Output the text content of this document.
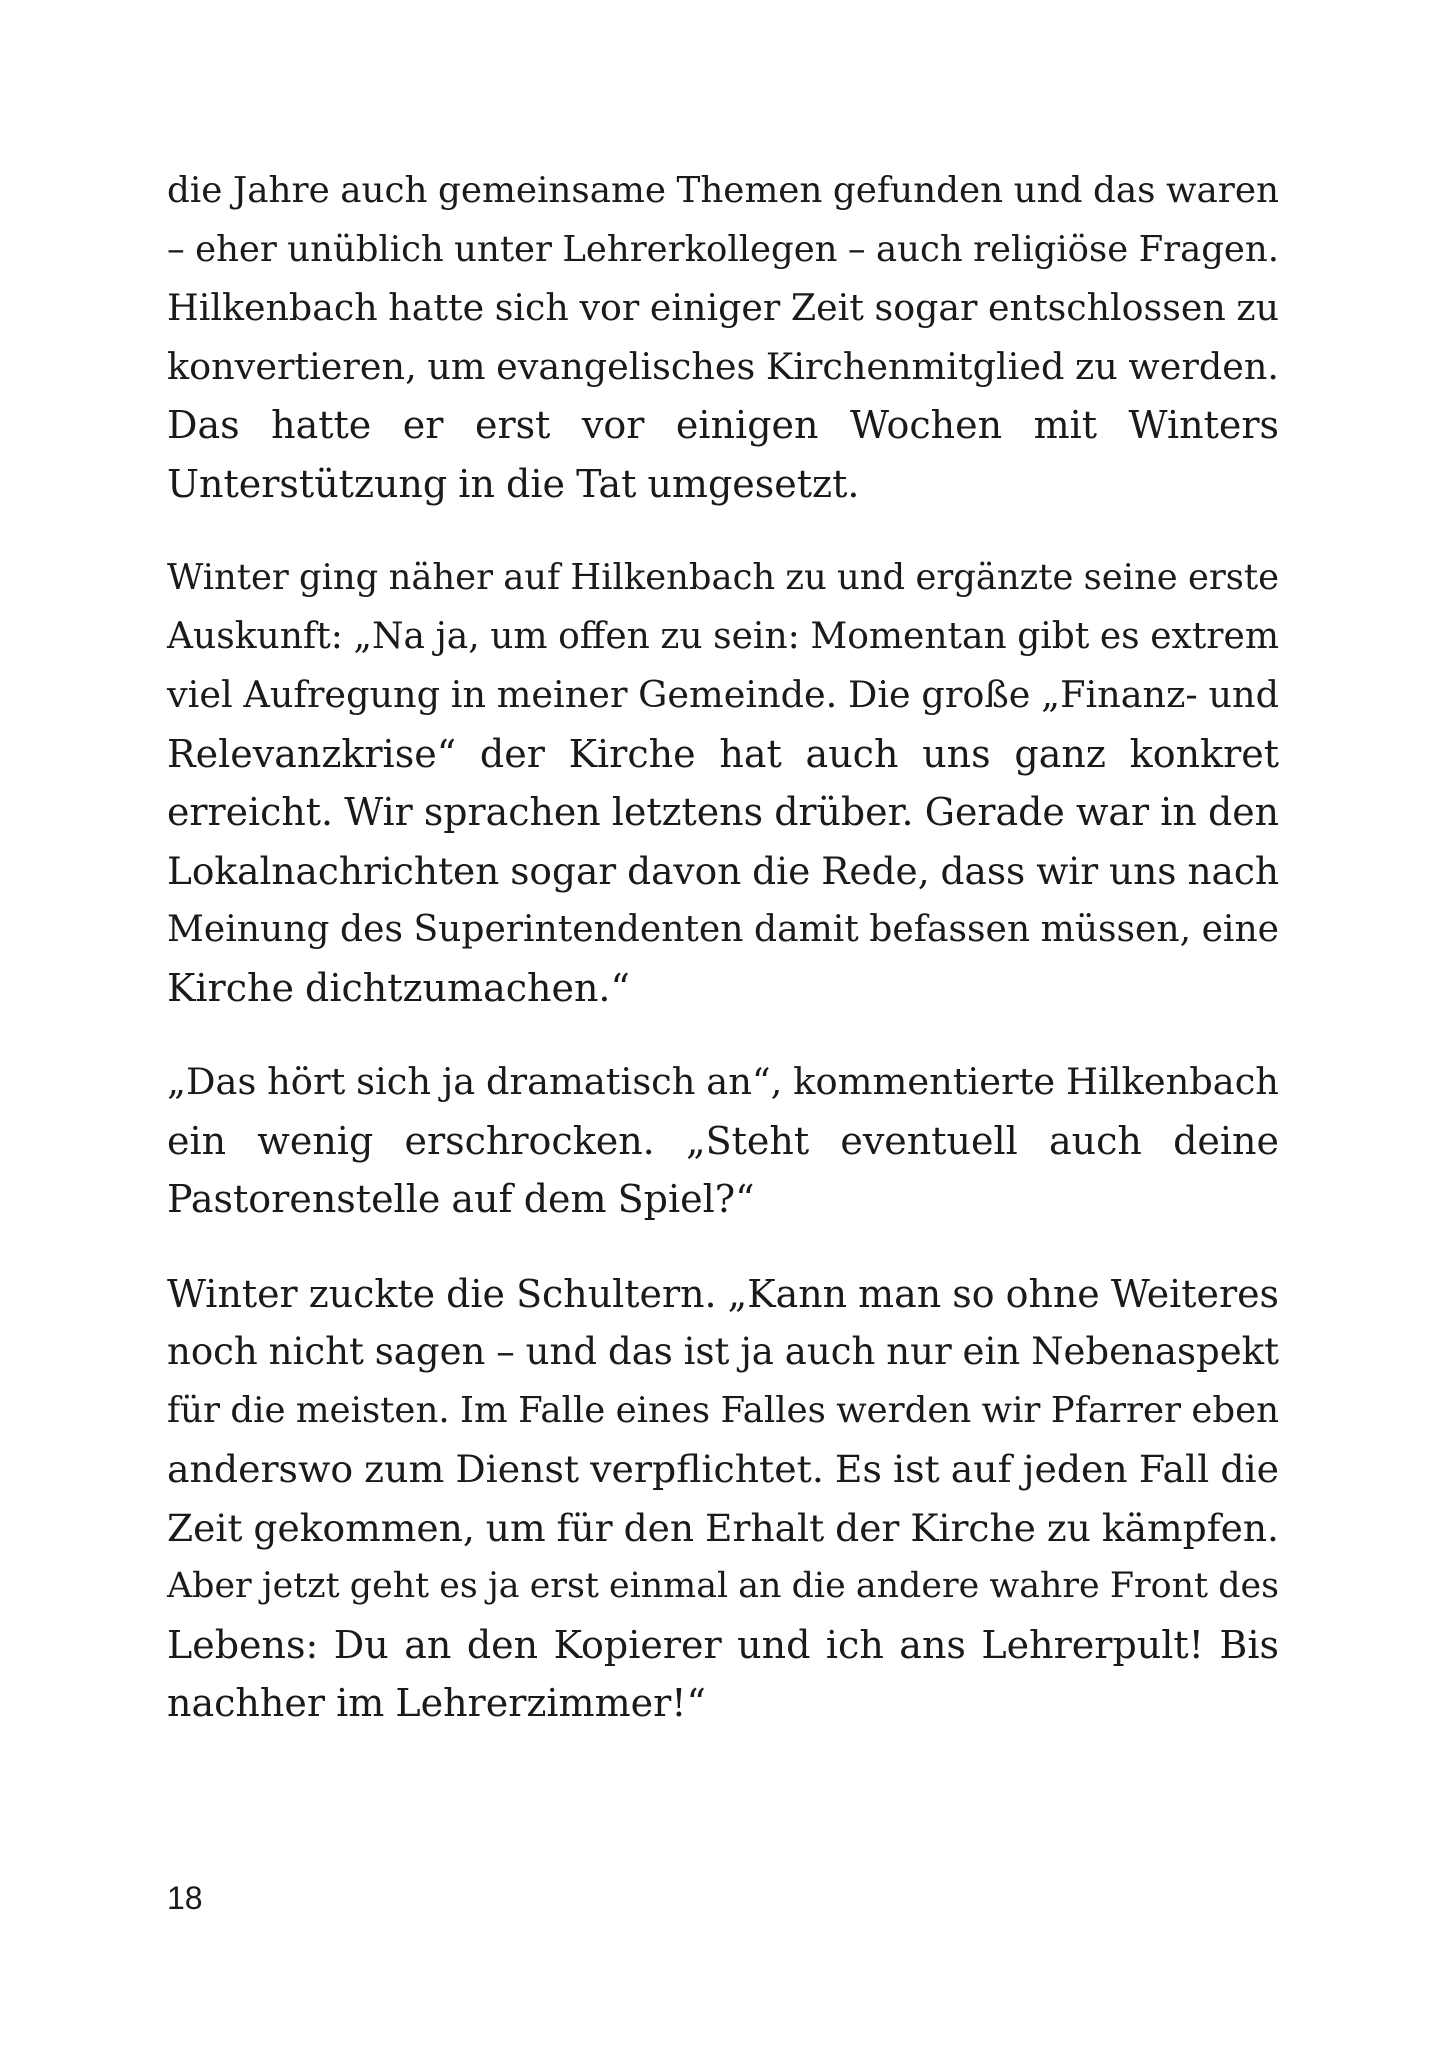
die Jahre auch gemeinsame Themen gefunden und das waren
– eher unüblich unter Lehrerkollegen – auch religiöse Fragen.
Hilkenbach hatte sich vor einiger Zeit sogar entschlossen zu
konvertieren, um evangelisches Kirchenmitglied zu werden.
Das hatte er erst vor einigen Wochen mit Winters
Unterstützung in die Tat umgesetzt.
Winter ging näher auf Hilkenbach zu und ergänzte seine erste
Auskunft: „Na ja, um offen zu sein: Momentan gibt es extrem
viel Aufregung in meiner Gemeinde. Die große „Finanz- und
Relevanzkrise“ der Kirche hat auch uns ganz konkret
erreicht. Wir sprachen letztens drüber. Gerade war in den
Lokalnachrichten sogar davon die Rede, dass wir uns nach
Meinung des Superintendenten damit befassen müssen, eine
Kirche dichtzumachen.“
„Das hört sich ja dramatisch an“, kommentierte Hilkenbach
ein wenig erschrocken. „Steht eventuell auch deine
Pastorenstelle auf dem Spiel?“
Winter zuckte die Schultern. „Kann man so ohne Weiteres
noch nicht sagen – und das ist ja auch nur ein Nebenaspekt
für die meisten. Im Falle eines Falles werden wir Pfarrer eben
anderswo zum Dienst verpflichtet. Es ist auf jeden Fall die
Zeit gekommen, um für den Erhalt der Kirche zu kämpfen.
Aber jetzt geht es ja erst einmal an die andere wahre Front des
Lebens: Du an den Kopierer und ich ans Lehrerpult! Bis
nachher im Lehrerzimmer!“
18
